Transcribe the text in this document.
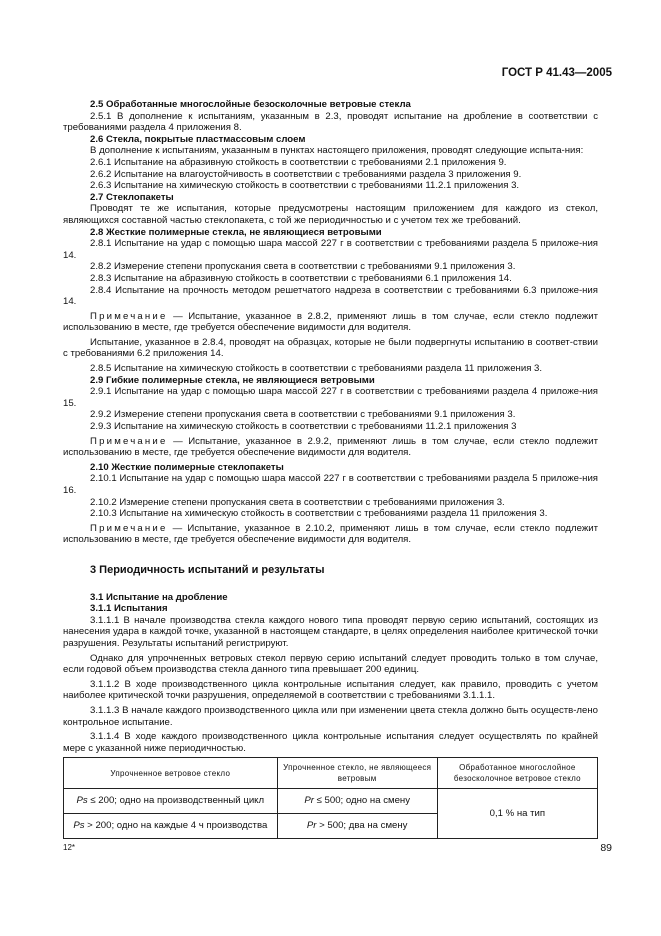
ГОСТ Р 41.43—2005

2.5 Обработанные многослойные безосколочные ветровые стекла

2.5.1 В дополнение к испытаниям, указанным в 2.3, проводят испытание на дробление в соответствии с требованиями раздела 4 приложения 8.

2.6 Стекла, покрытые пластмассовым слоем

В дополнение к испытаниям, указанным в пунктах настоящего приложения, проводят следующие испыта-ния:

2.6.1 Испытание на абразивную стойкость в соответствии с требованиями 2.1 приложения 9.

2.6.2 Испытание на влагоустойчивость в соответствии с требованиями раздела 3 приложения 9.

2.6.3 Испытание на химическую стойкость в соответствии с требованиями 11.2.1 приложения 3.

2.7 Стеклопакеты

Проводят те же испытания, которые предусмотрены настоящим приложением для каждого из стекол, являющихся составной частью стеклопакета, с той же периодичностью и с учетом тех же требований.

2.8 Жесткие полимерные стекла, не являющиеся ветровыми

2.8.1 Испытание на удар с помощью шара массой 227 г в соответствии с требованиями раздела 5 приложе-ния 14.

2.8.2 Измерение степени пропускания света в соответствии с требованиями 9.1 приложения 3.

2.8.3 Испытание на абразивную стойкость в соответствии с требованиями 6.1 приложения 14.

2.8.4 Испытание на прочность методом решетчатого надреза в соответствии с требованиями 6.3 приложе-ния 14.

Примечание — Испытание, указанное в 2.8.2, применяют лишь в том случае, если стекло подлежит использованию в месте, где требуется обеспечение видимости для водителя.

Испытание, указанное в 2.8.4, проводят на образцах, которые не были подвергнуты испытанию в соответ-ствии с требованиями 6.2 приложения 14.

2.8.5 Испытание на химическую стойкость в соответствии с требованиями раздела 11 приложения 3.

2.9 Гибкие полимерные стекла, не являющиеся ветровыми

2.9.1 Испытание на удар с помощью шара массой 227 г в соответствии с требованиями раздела 4 приложе-ния 15.

2.9.2 Измерение степени пропускания света в соответствии с требованиями 9.1 приложения 3.

2.9.3 Испытание на химическую стойкость в соответствии с требованиями 11.2.1 приложения 3

Примечание — Испытание, указанное в 2.9.2, применяют лишь в том случае, если стекло подлежит использованию в месте, где требуется обеспечение видимости для водителя.

2.10 Жесткие полимерные стеклопакеты

2.10.1 Испытание на удар с помощью шара массой 227 г в соответствии с требованиями раздела 5 приложе-ния 16.

2.10.2 Измерение степени пропускания света в соответствии с требованиями приложения 3.

2.10.3 Испытание на химическую стойкость в соответствии с требованиями раздела 11 приложения 3.

Примечание — Испытание, указанное в 2.10.2, применяют лишь в том случае, если стекло подлежит использованию в месте, где требуется обеспечение видимости для водителя.

3 Периодичность испытаний и результаты

3.1 Испытание на дробление

3.1.1 Испытания

3.1.1.1 В начале производства стекла каждого нового типа проводят первую серию испытаний, состоящих из нанесения удара в каждой точке, указанной в настоящем стандарте, в целях определения наиболее критической точки разрушения. Результаты испытаний регистрируют.

Однако для упрочненных ветровых стекол первую серию испытаний следует проводить только в том случае, если годовой объем производства стекла данного типа превышает 200 единиц.

3.1.1.2 В ходе производственного цикла контрольные испытания следует, как правило, проводить с учетом наиболее критической точки разрушения, определяемой в соответствии с требованиями 3.1.1.1.

3.1.1.3 В начале каждого производственного цикла или при изменении цвета стекла должно быть осуществ-лено контрольное испытание.

3.1.1.4 В ходе каждого производственного цикла контрольные испытания следует осуществлять по крайней мере с указанной ниже периодичностью.

Упрочненное ветровое стекло	Упрочненное стекло, не являющееся ветровым	Обработанное многослойное безосколочное ветровое стекло
Ps ≤ 200; одно на производственный цикл	Pr ≤ 500; одно на смену	0,1 % на тип
Ps > 200; одно на каждые 4 ч производства	Pr > 500; два на смену	
12*	89
